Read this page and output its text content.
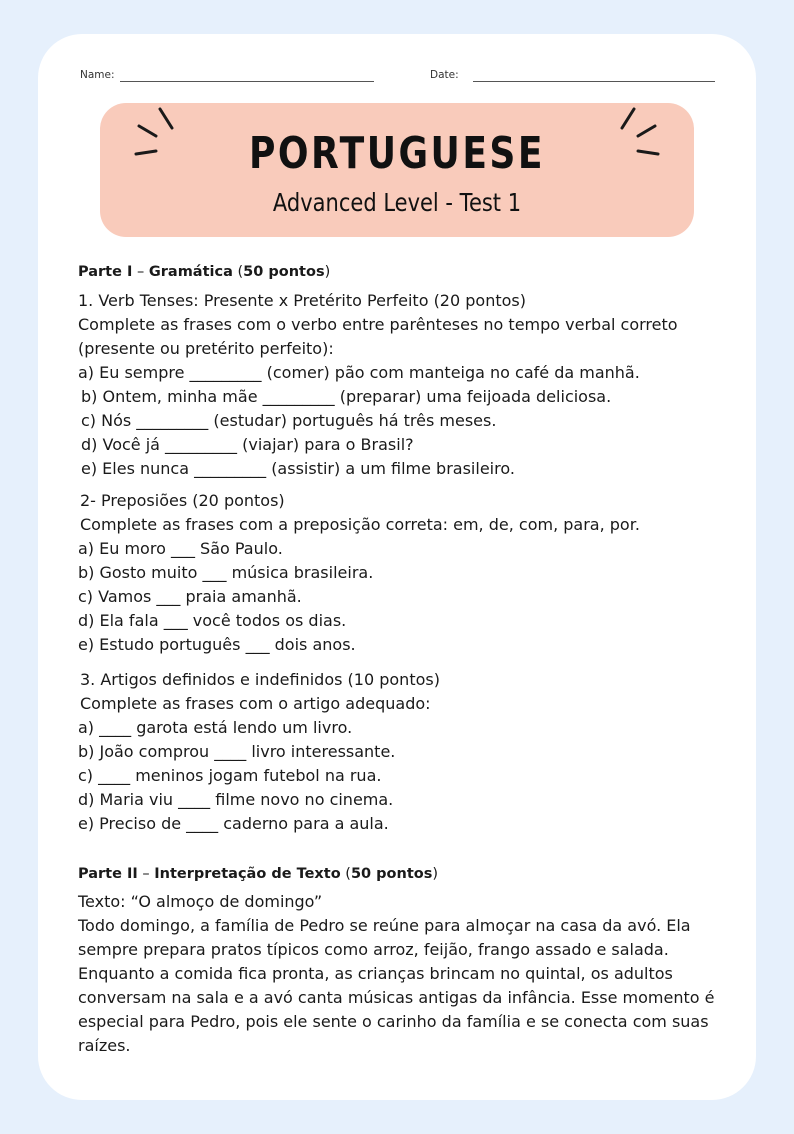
Name:	Date:
PORTUGUESE
Advanced Level - Test 1
Parte I – Gramática (50 pontos)
1. Verb Tenses: Presente x Pretérito Perfeito (20 pontos)
Complete as frases com o verbo entre parênteses no tempo verbal correto
(presente ou pretérito perfeito):
a) Eu sempre _________ (comer) pão com manteiga no café da manhã.
b) Ontem, minha mãe _________ (preparar) uma feijoada deliciosa.
c) Nós _________ (estudar) português há três meses.
d) Você já _________ (viajar) para o Brasil?
e) Eles nunca _________ (assistir) a um filme brasileiro.
2- Preposiões (20 pontos)
Complete as frases com a preposição correta: em, de, com, para, por.
a) Eu moro ___ São Paulo.
b) Gosto muito ___ música brasileira.
c) Vamos ___ praia amanhã.
d) Ela fala ___ você todos os dias.
e) Estudo português ___ dois anos.
3. Artigos definidos e indefinidos (10 pontos)
Complete as frases com o artigo adequado:
a) ____ garota está lendo um livro.
b) João comprou ____ livro interessante.
c) ____ meninos jogam futebol na rua.
d) Maria viu ____ filme novo no cinema.
e) Preciso de ____ caderno para a aula.
Parte II – Interpretação de Texto (50 pontos)
Texto: “O almoço de domingo”
Todo domingo, a família de Pedro se reúne para almoçar na casa da avó. Ela
sempre prepara pratos típicos como arroz, feijão, frango assado e salada.
Enquanto a comida fica pronta, as crianças brincam no quintal, os adultos
conversam na sala e a avó canta músicas antigas da infância. Esse momento é
especial para Pedro, pois ele sente o carinho da família e se conecta com suas
raízes.
